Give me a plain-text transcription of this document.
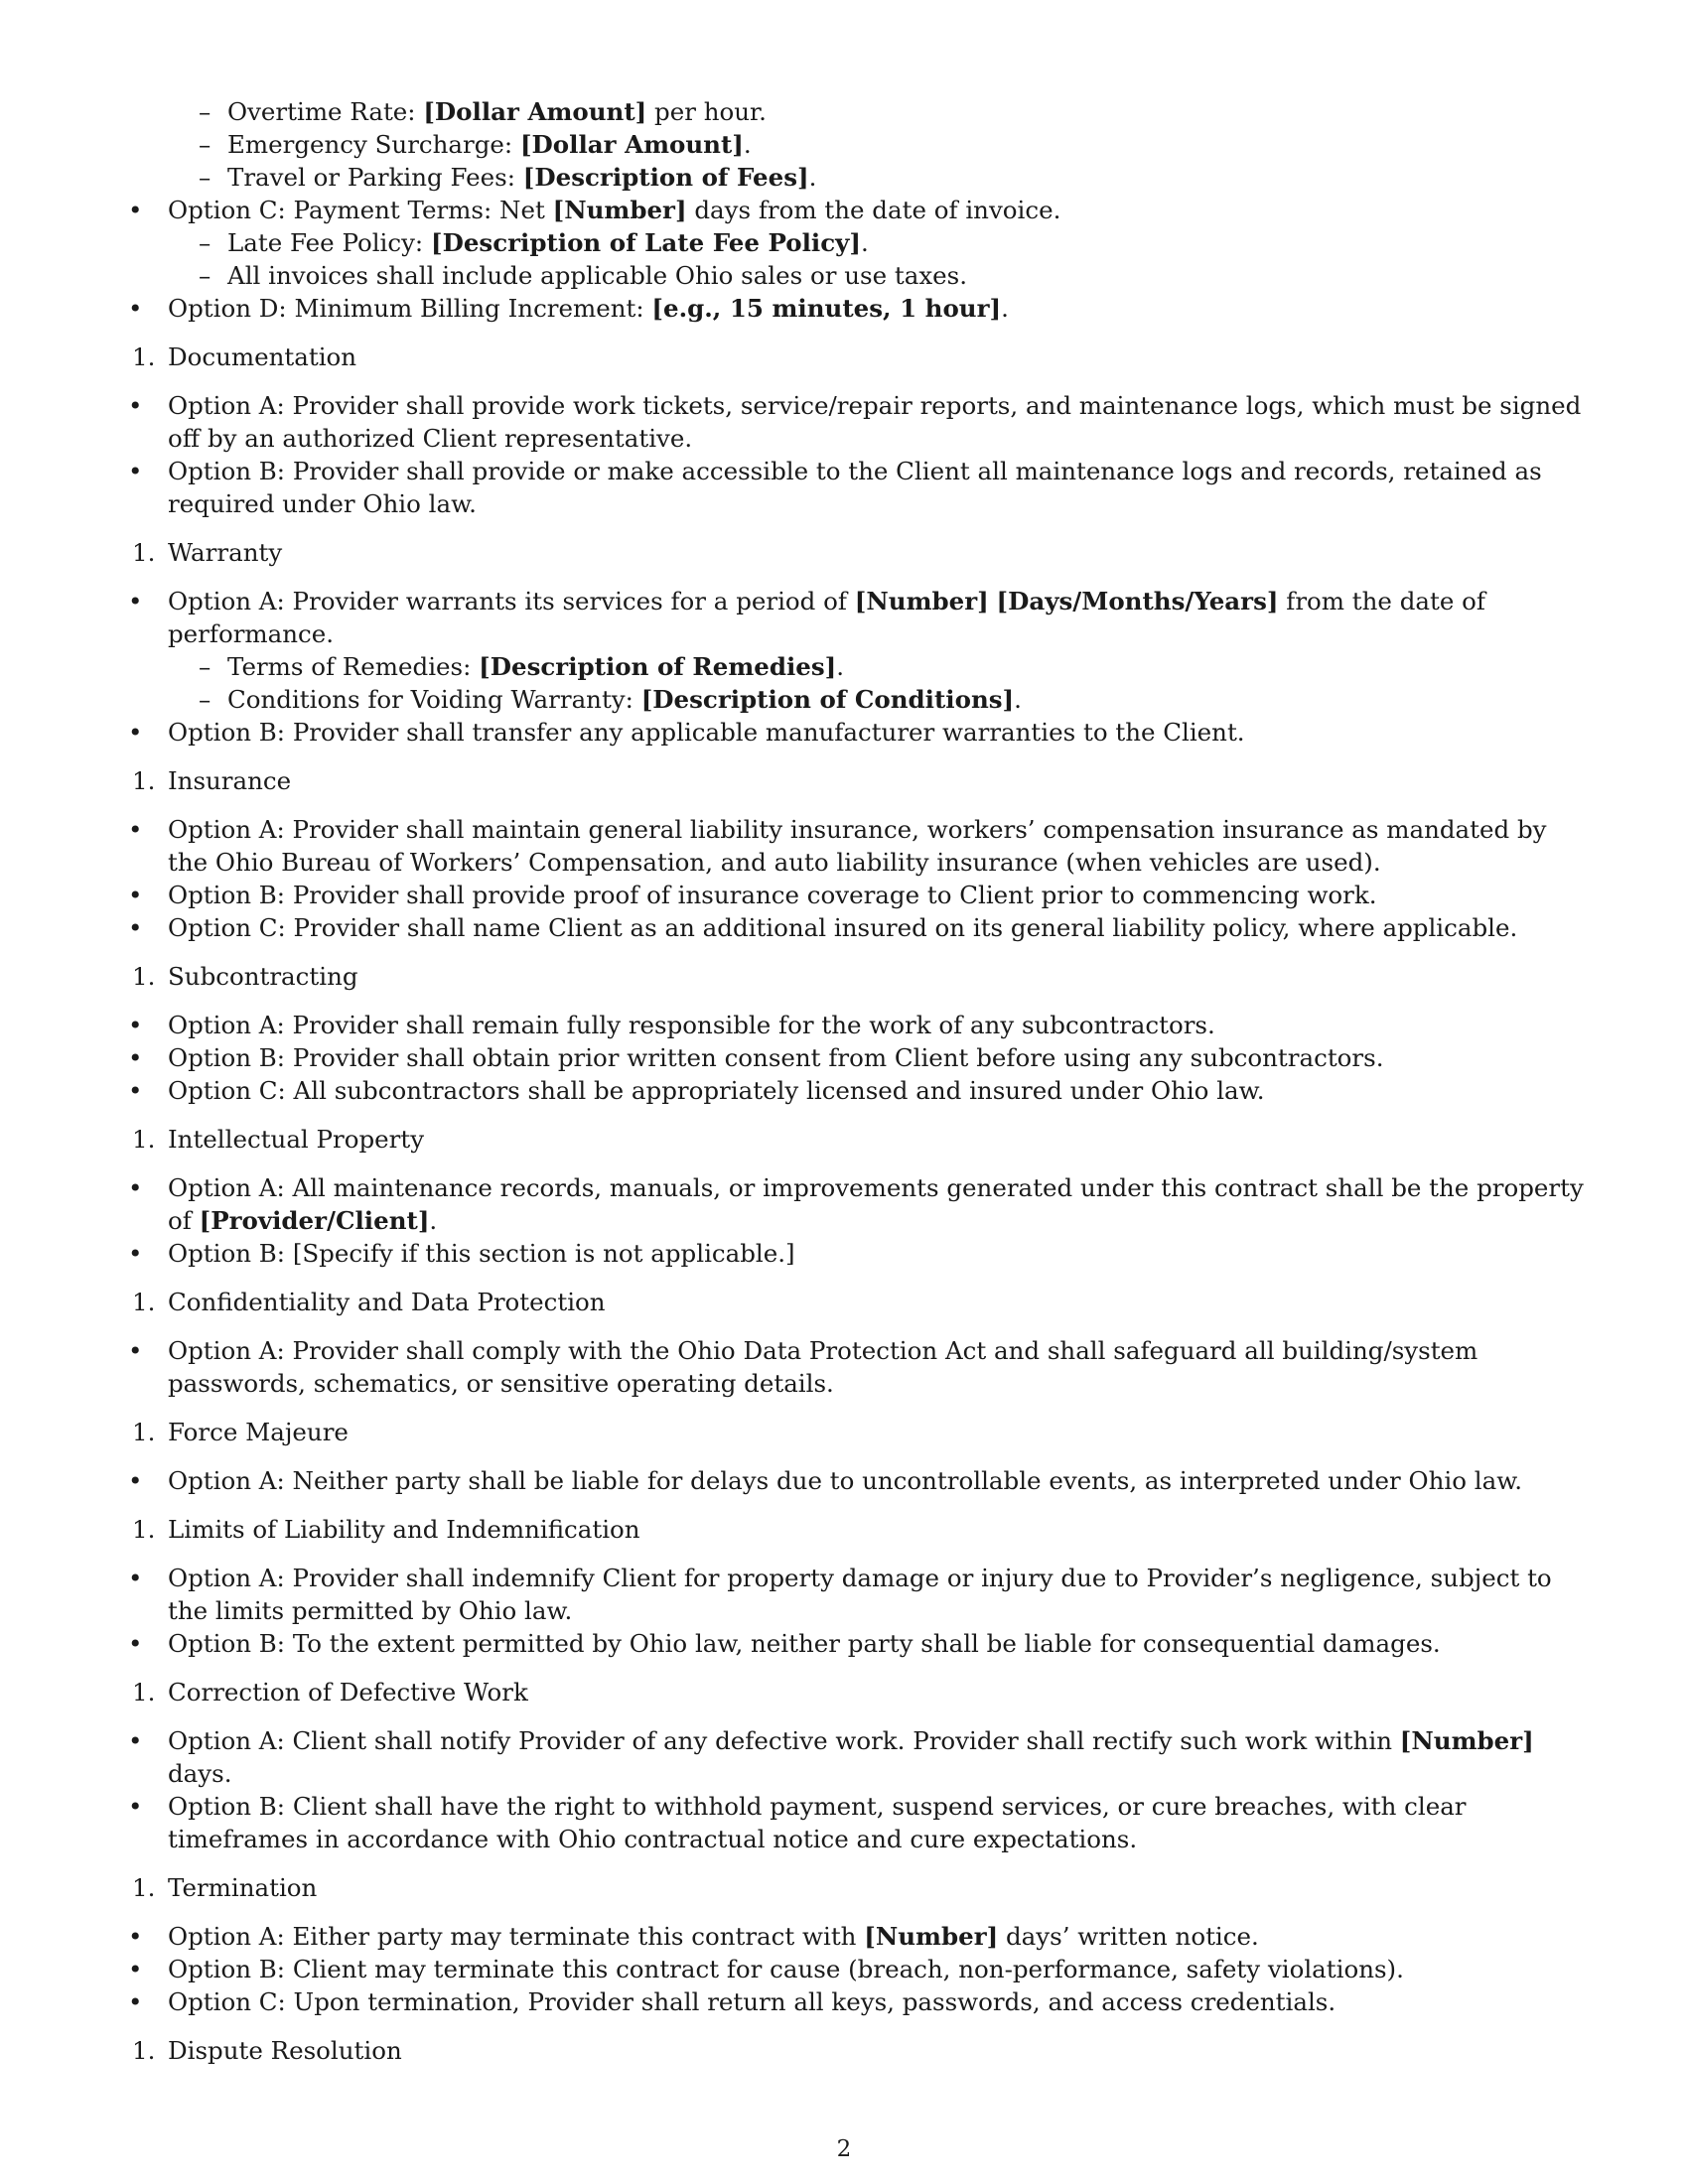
– Overtime Rate: [Dollar Amount] per hour.
– Emergency Surcharge: [Dollar Amount].
– Travel or Parking Fees: [Description of Fees].
• Option C: Payment Terms: Net [Number] days from the date of invoice.
– Late Fee Policy: [Description of Late Fee Policy].
– All invoices shall include applicable Ohio sales or use taxes.
• Option D: Minimum Billing Increment: [e.g., 15 minutes, 1 hour].
1. Documentation
• Option A: Provider shall provide work tickets, service/repair reports, and maintenance logs, which must be signed off by an authorized Client representative.
• Option B: Provider shall provide or make accessible to the Client all maintenance logs and records, retained as required under Ohio law.
1. Warranty
• Option A: Provider warrants its services for a period of [Number] [Days/Months/Years] from the date of performance.
– Terms of Remedies: [Description of Remedies].
– Conditions for Voiding Warranty: [Description of Conditions].
• Option B: Provider shall transfer any applicable manufacturer warranties to the Client.
1. Insurance
• Option A: Provider shall maintain general liability insurance, workers’ compensation insurance as mandated by the Ohio Bureau of Workers’ Compensation, and auto liability insurance (when vehicles are used).
• Option B: Provider shall provide proof of insurance coverage to Client prior to commencing work.
• Option C: Provider shall name Client as an additional insured on its general liability policy, where applicable.
1. Subcontracting
• Option A: Provider shall remain fully responsible for the work of any subcontractors.
• Option B: Provider shall obtain prior written consent from Client before using any subcontractors.
• Option C: All subcontractors shall be appropriately licensed and insured under Ohio law.
1. Intellectual Property
• Option A: All maintenance records, manuals, or improvements generated under this contract shall be the property of [Provider/Client].
• Option B: [Specify if this section is not applicable.]
1. Confidentiality and Data Protection
• Option A: Provider shall comply with the Ohio Data Protection Act and shall safeguard all building/system passwords, schematics, or sensitive operating details.
1. Force Majeure
• Option A: Neither party shall be liable for delays due to uncontrollable events, as interpreted under Ohio law.
1. Limits of Liability and Indemnification
• Option A: Provider shall indemnify Client for property damage or injury due to Provider’s negligence, subject to the limits permitted by Ohio law.
• Option B: To the extent permitted by Ohio law, neither party shall be liable for consequential damages.
1. Correction of Defective Work
• Option A: Client shall notify Provider of any defective work. Provider shall rectify such work within [Number] days.
• Option B: Client shall have the right to withhold payment, suspend services, or cure breaches, with clear timeframes in accordance with Ohio contractual notice and cure expectations.
1. Termination
• Option A: Either party may terminate this contract with [Number] days’ written notice.
• Option B: Client may terminate this contract for cause (breach, non-performance, safety violations).
• Option C: Upon termination, Provider shall return all keys, passwords, and access credentials.
1. Dispute Resolution
2
